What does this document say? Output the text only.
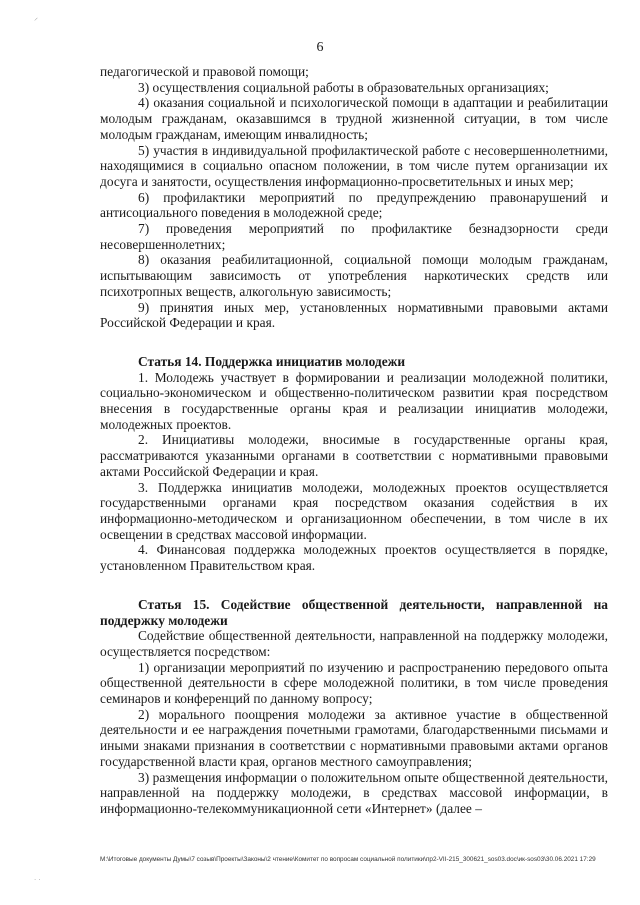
⸝
6

педагогической и правовой помощи;

3) осуществления социальной работы в образовательных организациях;

4) оказания социальной и психологической помощи в адаптации и реабилитации молодым гражданам, оказавшимся в трудной жизненной ситуации, в том числе молодым гражданам, имеющим инвалидность;

5) участия в индивидуальной профилактической работе с несовершеннолетними, находящимися в социально опасном положении, в том числе путем организации их досуга и занятости, осуществления информационно-просветительных и иных мер;

6) профилактики мероприятий по предупреждению правонарушений и антисоциального поведения в молодежной среде;

7) проведения мероприятий по профилактике безнадзорности среди несовершеннолетних;

8) оказания реабилитационной, социальной помощи молодым гражданам, испытывающим зависимость от употребления наркотических средств или психотропных веществ, алкогольную зависимость;

9) принятия иных мер, установленных нормативными правовыми актами Российской Федерации и края.

Статья 14. Поддержка инициатив молодежи

1. Молодежь участвует в формировании и реализации молодежной политики, социально-экономическом и общественно-политическом развитии края посредством внесения в государственные органы края и реализации инициатив молодежи, молодежных проектов.

2. Инициативы молодежи, вносимые в государственные органы края, рассматриваются указанными органами в соответствии с нормативными правовыми актами Российской Федерации и края.

3. Поддержка инициатив молодежи, молодежных проектов осуществляется государственными органами края посредством оказания содействия в их информационно-методическом и организационном обеспечении, в том числе в их освещении в средствах массовой информации.

4. Финансовая поддержка молодежных проектов осуществляется в порядке, установленном Правительством края.

Статья 15. Содействие общественной деятельности, направленной на поддержку молодежи

Содействие общественной деятельности, направленной на поддержку молодежи, осуществляется посредством:

1) организации мероприятий по изучению и распространению передового опыта общественной деятельности в сфере молодежной политики, в том числе проведения семинаров и конференций по данному вопросу;

2) морального поощрения молодежи за активное участие в общественной деятельности и ее награждения почетными грамотами, благодарственными письмами и иными знаками признания в соответствии с нормативными правовыми актами органов государственной власти края, органов местного самоуправления;

3) размещения информации о положительном опыте общественной деятельности, направленной на поддержку молодежи, в средствах массовой информации, в информационно-телекоммуникационной сети «Интернет» (далее –

M:\Итоговые документы Думы\7 созыв\Проекты\Законы\2 чтение\Комитет по вопросам социальной политики\пр2-VII-215_300621_sos03.doc\ик-sos03\30.06.2021 17:29
· ·
